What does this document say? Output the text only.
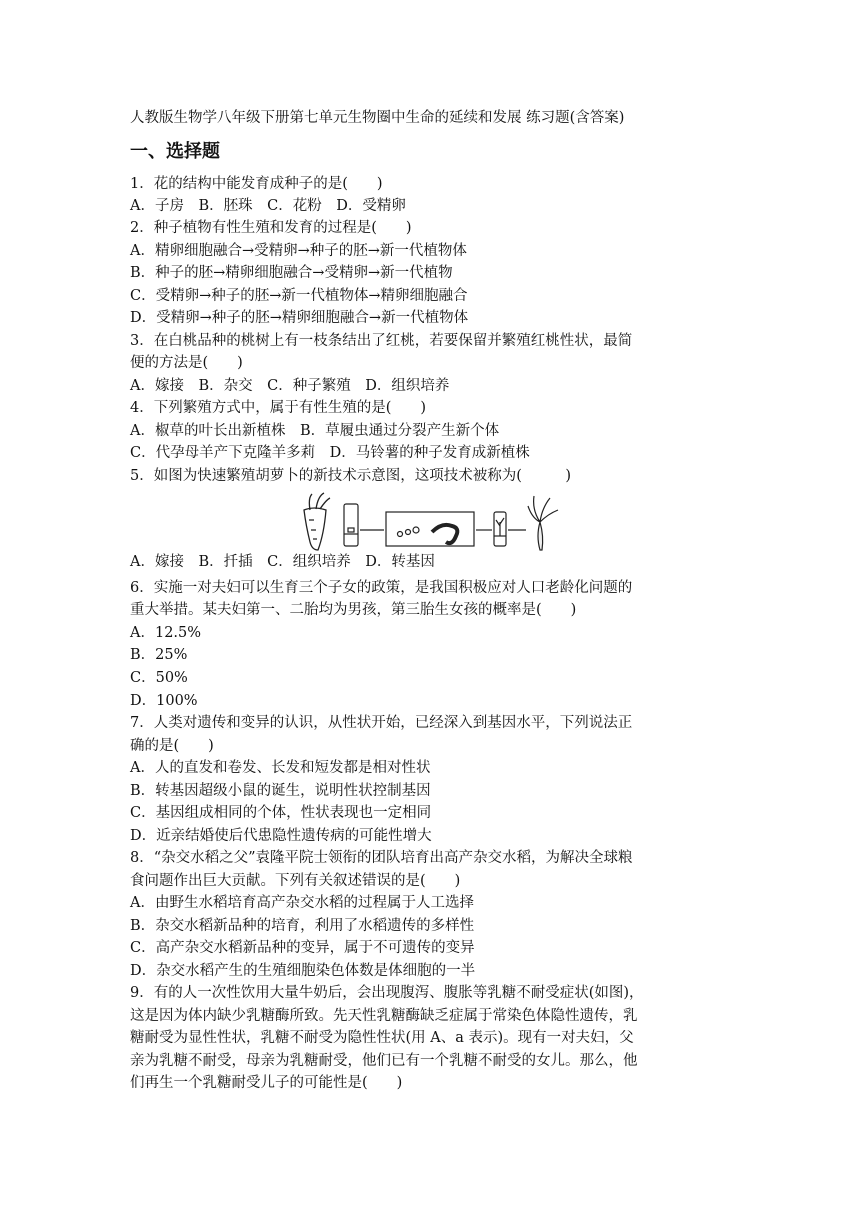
人教版生物学八年级下册第七单元生物圈中生命的延续和发展 练习题(含答案)
一、选择题
1．花的结构中能发育成种子的是(　　)
A．子房　B．胚珠　C．花粉　D．受精卵
2．种子植物有性生殖和发育的过程是(　　)
A．精卵细胞融合→受精卵→种子的胚→新一代植物体
B．种子的胚→精卵细胞融合→受精卵→新一代植物
C．受精卵→种子的胚→新一代植物体→精卵细胞融合
D．受精卵→种子的胚→精卵细胞融合→新一代植物体
3．在白桃品种的桃树上有一枝条结出了红桃，若要保留并繁殖红桃性状，最简
便的方法是(　　)
A．嫁接　B．杂交　C．种子繁殖　D．组织培养
4．下列繁殖方式中，属于有性生殖的是(　　)
A．椒草的叶长出新植株　B．草履虫通过分裂产生新个体
C．代孕母羊产下克隆羊多莉　D．马铃薯的种子发育成新植株
5．如图为快速繁殖胡萝卜的新技术示意图，这项技术被称为(　　　)
A．嫁接　B．扦插　C．组织培养　D．转基因
6．实施一对夫妇可以生育三个子女的政策，是我国积极应对人口老龄化问题的
重大举措。某夫妇第一、二胎均为男孩，第三胎生女孩的概率是(　　)
A．12.5%
B．25%
C．50%
D．100%
7．人类对遗传和变异的认识，从性状开始，已经深入到基因水平，下列说法正
确的是(　　)
A．人的直发和卷发、长发和短发都是相对性状
B．转基因超级小鼠的诞生，说明性状控制基因
C．基因组成相同的个体，性状表现也一定相同
D．近亲结婚使后代患隐性遗传病的可能性增大
8．“杂交水稻之父”袁隆平院士领衔的团队培育出高产杂交水稻，为解决全球粮
食问题作出巨大贡献。下列有关叙述错误的是(　　)
A．由野生水稻培育高产杂交水稻的过程属于人工选择
B．杂交水稻新品种的培育，利用了水稻遗传的多样性
C．高产杂交水稻新品种的变异，属于不可遗传的变异
D．杂交水稻产生的生殖细胞染色体数是体细胞的一半
9．有的人一次性饮用大量牛奶后，会出现腹泻、腹胀等乳糖不耐受症状(如图)，
这是因为体内缺少乳糖酶所致。先天性乳糖酶缺乏症属于常染色体隐性遗传，乳
糖耐受为显性性状，乳糖不耐受为隐性性状(用 A、a 表示)。现有一对夫妇，父
亲为乳糖不耐受，母亲为乳糖耐受，他们已有一个乳糖不耐受的女儿。那么，他
们再生一个乳糖耐受儿子的可能性是(　　)
